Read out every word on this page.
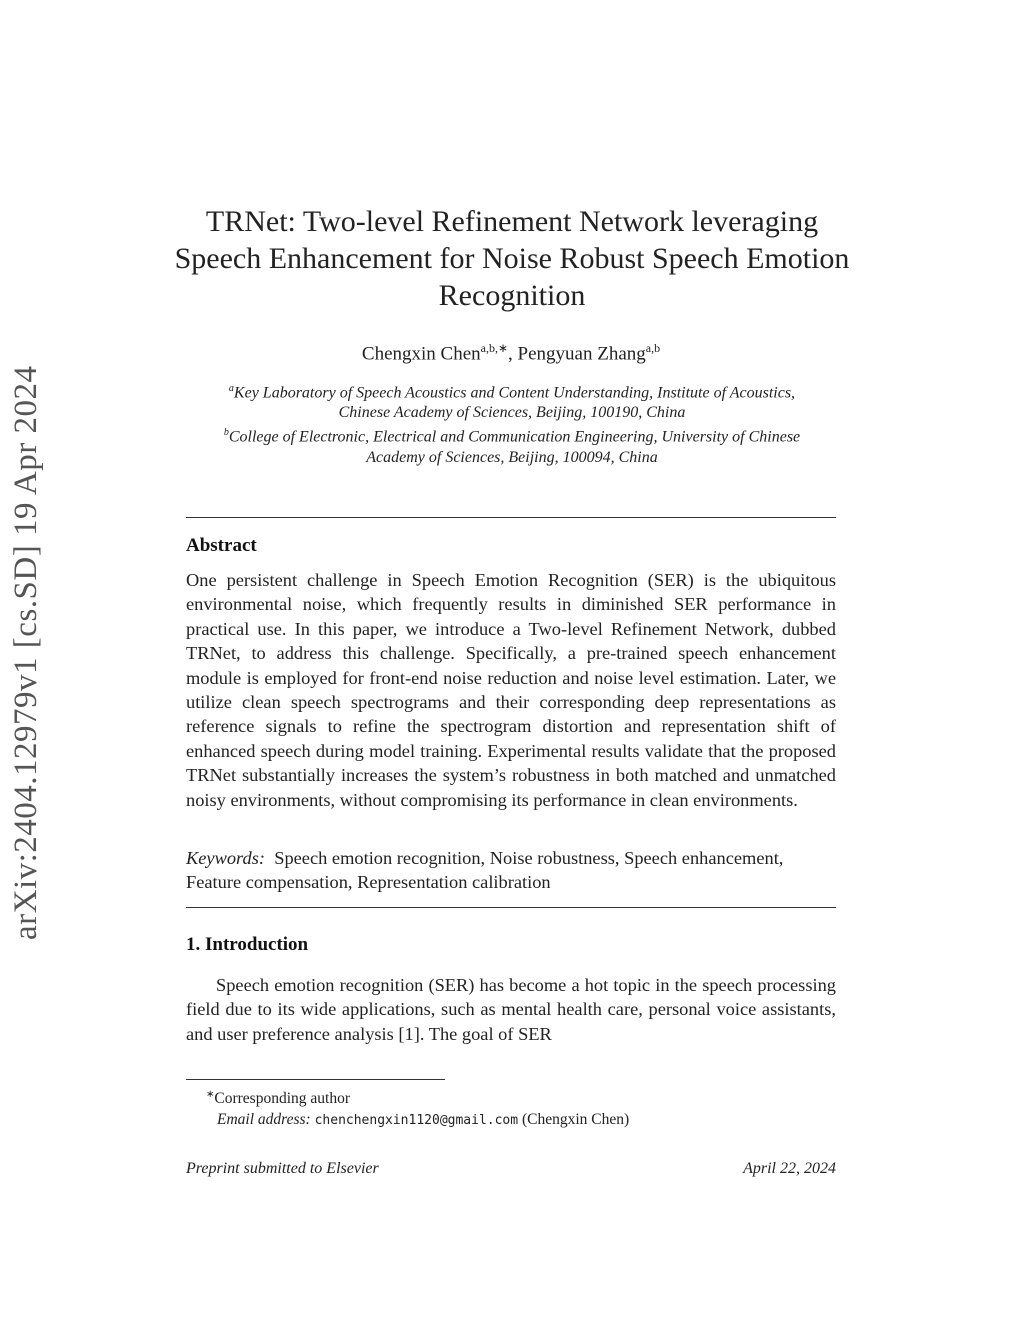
arXiv:2404.12979v1 [cs.SD] 19 Apr 2024
TRNet: Two-level Refinement Network leveraging
Speech Enhancement for Noise Robust Speech Emotion
Recognition
Chengxin Chen$^{a,b,∗}$, Pengyuan Zhang$^{a,b}$
$^a$Key Laboratory of Speech Acoustics and Content Understanding, Institute of Acoustics,
Chinese Academy of Sciences, Beijing, 100190, China
$^b$College of Electronic, Electrical and Communication Engineering, University of Chinese
Academy of Sciences, Beijing, 100094, China
Abstract

One persistent challenge in Speech Emotion Recognition (SER) is the ubiquitous environmental noise, which frequently results in diminished SER performance in practical use. In this paper, we introduce a Two-level Refinement Network, dubbed TRNet, to address this challenge. Specifically, a pre-trained speech enhancement module is employed for front-end noise reduction and noise level estimation. Later, we utilize clean speech spectrograms and their corresponding deep representations as reference signals to refine the spectrogram distortion and representation shift of enhanced speech during model training. Experimental results validate that the proposed TRNet substantially increases the system’s robustness in both matched and unmatched noisy environments, without compromising its performance in clean environments.

Keywords: Speech emotion recognition, Noise robustness, Speech enhancement, Feature compensation, Representation calibration
1. Introduction

Speech emotion recognition (SER) has become a hot topic in the speech processing field due to its wide applications, such as mental health care, personal voice assistants, and user preference analysis [1]. The goal of SER

∗Corresponding author
Email address: chenchengxin1120@gmail.com (Chengxin Chen)
Preprint submitted to Elsevier	April 22, 2024
